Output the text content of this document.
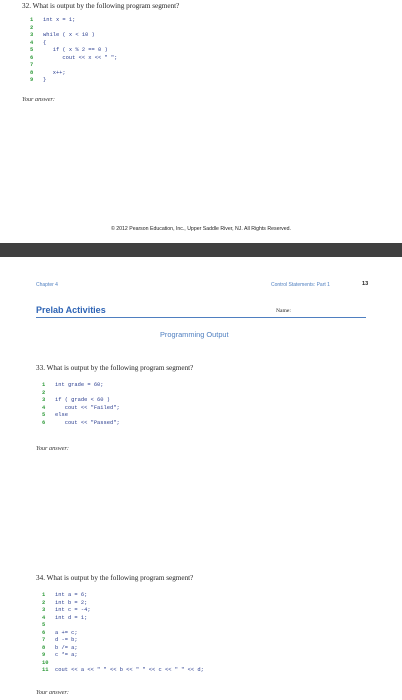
32. What is output by the following program segment?
1	int x = 1;
2
3	while ( x < 10 )
4	{
5	if ( x % 2 == 0 )
6	cout << x << " ";
7
8	x++;
9	}
Your answer:
© 2012 Pearson Education, Inc., Upper Saddle River, NJ. All Rights Reserved.
Chapter 4	Control Statements: Part 1	13
Prelab Activities	Name:
Programming Output
33. What is output by the following program segment?
1	int grade = 60;
2
3	if ( grade < 60 )
4	cout << "Failed";
5	else
6	cout << "Passed";
Your answer:
34. What is output by the following program segment?
1	int a = 6;
2	int b = 2;
3	int c = -4;
4	int d = 1;
5
6	a += c;
7	d -= b;
8	b /= a;
9	c *= a;
10
11	cout << a << " " << b << " " << c << " " << d;
Your answer:
